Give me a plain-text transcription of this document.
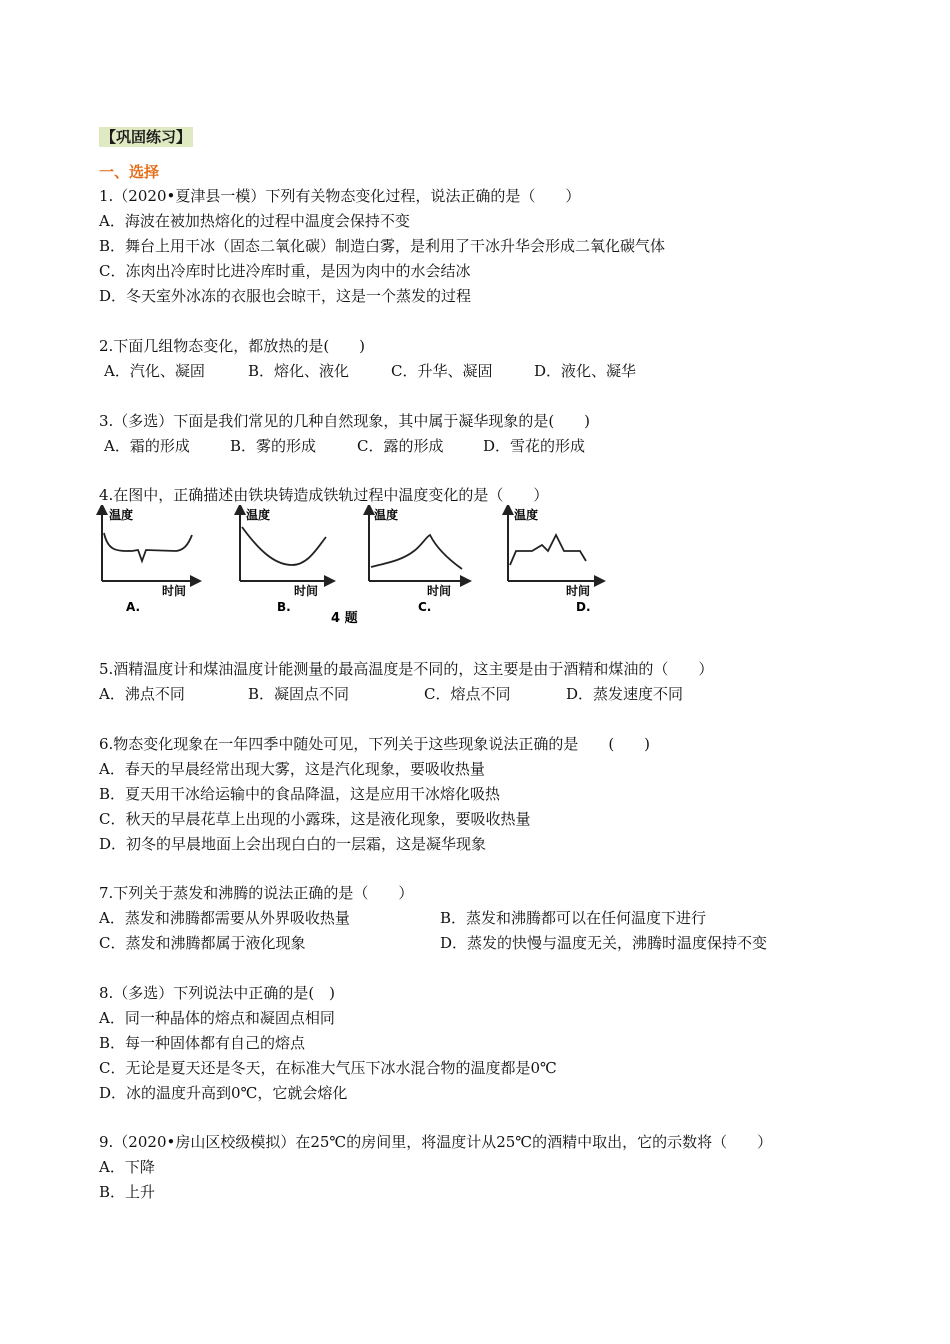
【巩固练习】
一、选择
1.（2020•夏津县一模）下列有关物态变化过程，说法正确的是（　　）
A．海波在被加热熔化的过程中温度会保持不变
B．舞台上用干冰（固态二氧化碳）制造白雾，是利用了干冰升华会形成二氧化碳气体
C．冻肉出冷库时比进冷库时重，是因为肉中的水会结冰
D．冬天室外冰冻的衣服也会晾干，这是一个蒸发的过程
2.下面几组物态变化，都放热的是(　　)
A．汽化、凝固	B．熔化、液化	C．升华、凝固	D．液化、凝华
3.（多选）下面是我们常见的几种自然现象，其中属于凝华现象的是(　　)
A．霜的形成	B．雾的形成	C．露的形成	D．雪花的形成
4.在图中，正确描述由铁块铸造成铁轨过程中温度变化的是（　　）
温度
时间
A.
温度
时间
B.
温度
时间
C.
温度
时间
D.
4 题
5.酒精温度计和煤油温度计能测量的最高温度是不同的，这主要是由于酒精和煤油的（　　）
A．沸点不同	B．凝固点不同	C．熔点不同	D．蒸发速度不同
6.物态变化现象在一年四季中随处可见，下列关于这些现象说法正确的是　　(　　)
A．春天的早晨经常出现大雾，这是汽化现象，要吸收热量
B．夏天用干冰给运输中的食品降温，这是应用干冰熔化吸热
C．秋天的早晨花草上出现的小露珠，这是液化现象，要吸收热量
D．初冬的早晨地面上会出现白白的一层霜，这是凝华现象
7.下列关于蒸发和沸腾的说法正确的是（　　）
A．蒸发和沸腾都需要从外界吸收热量	B．蒸发和沸腾都可以在任何温度下进行
C．蒸发和沸腾都属于液化现象	D．蒸发的快慢与温度无关，沸腾时温度保持不变
8.（多选）下列说法中正确的是(　)
A．同一种晶体的熔点和凝固点相同
B．每一种固体都有自己的熔点
C．无论是夏天还是冬天，在标准大气压下冰水混合物的温度都是0℃
D．冰的温度升高到0℃，它就会熔化
9.（2020•房山区校级模拟）在25℃的房间里，将温度计从25℃的酒精中取出，它的示数将（　　）
A．下降
B．上升
